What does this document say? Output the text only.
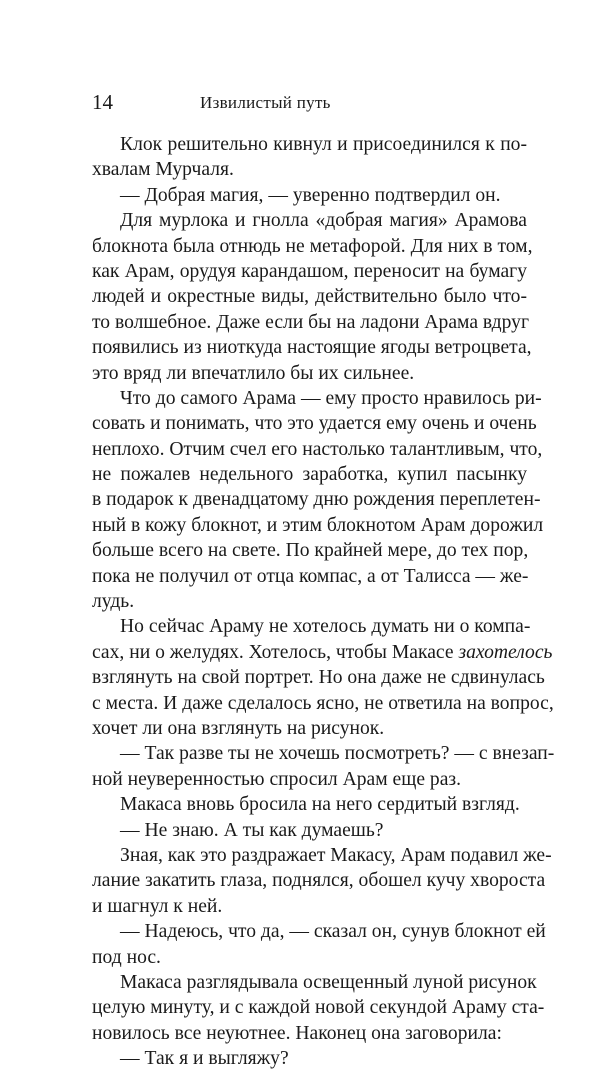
14	Извилистый путь
Клок решительно кивнул и присоединился к по-
хвалам Мурчаля.
— Добрая магия, — уверенно подтвердил он.
Для мурлока и гнолла «добрая магия» Арамова
блокнота была отнюдь не метафорой. Для них в том,
как Арам, орудуя карандашом, переносит на бумагу
людей и окрестные виды, действительно было что-
то волшебное. Даже если бы на ладони Арама вдруг
появились из ниоткуда настоящие ягоды ветроцвета,
это вряд ли впечатлило бы их сильнее.
Что до самого Арама — ему просто нравилось ри-
совать и понимать, что это удается ему очень и очень
неплохо. Отчим счел его настолько талантливым, что,
не пожалев недельного заработка, купил пасынку
в подарок к двенадцатому дню рождения переплетен-
ный в кожу блокнот, и этим блокнотом Арам дорожил
больше всего на свете. По крайней мере, до тех пор,
пока не получил от отца компас, а от Талисса — же-
лудь.
Но сейчас Араму не хотелось думать ни о компа-
сах, ни о желудях. Хотелось, чтобы Макасе захотелось
взглянуть на свой портрет. Но она даже не сдвинулась
с места. И даже сделалось ясно, не ответила на вопрос,
хочет ли она взглянуть на рисунок.
— Так разве ты не хочешь посмотреть? — с внезап-
ной неуверенностью спросил Арам еще раз.
Макаса вновь бросила на него сердитый взгляд.
— Не знаю. А ты как думаешь?
Зная, как это раздражает Макасу, Арам подавил же-
лание закатить глаза, поднялся, обошел кучу хвороста
и шагнул к ней.
— Надеюсь, что да, — сказал он, сунув блокнот ей
под нос.
Макаса разглядывала освещенный луной рисунок
целую минуту, и с каждой новой секундой Араму ста-
новилось все неуютнее. Наконец она заговорила:
— Так я и выгляжу?
